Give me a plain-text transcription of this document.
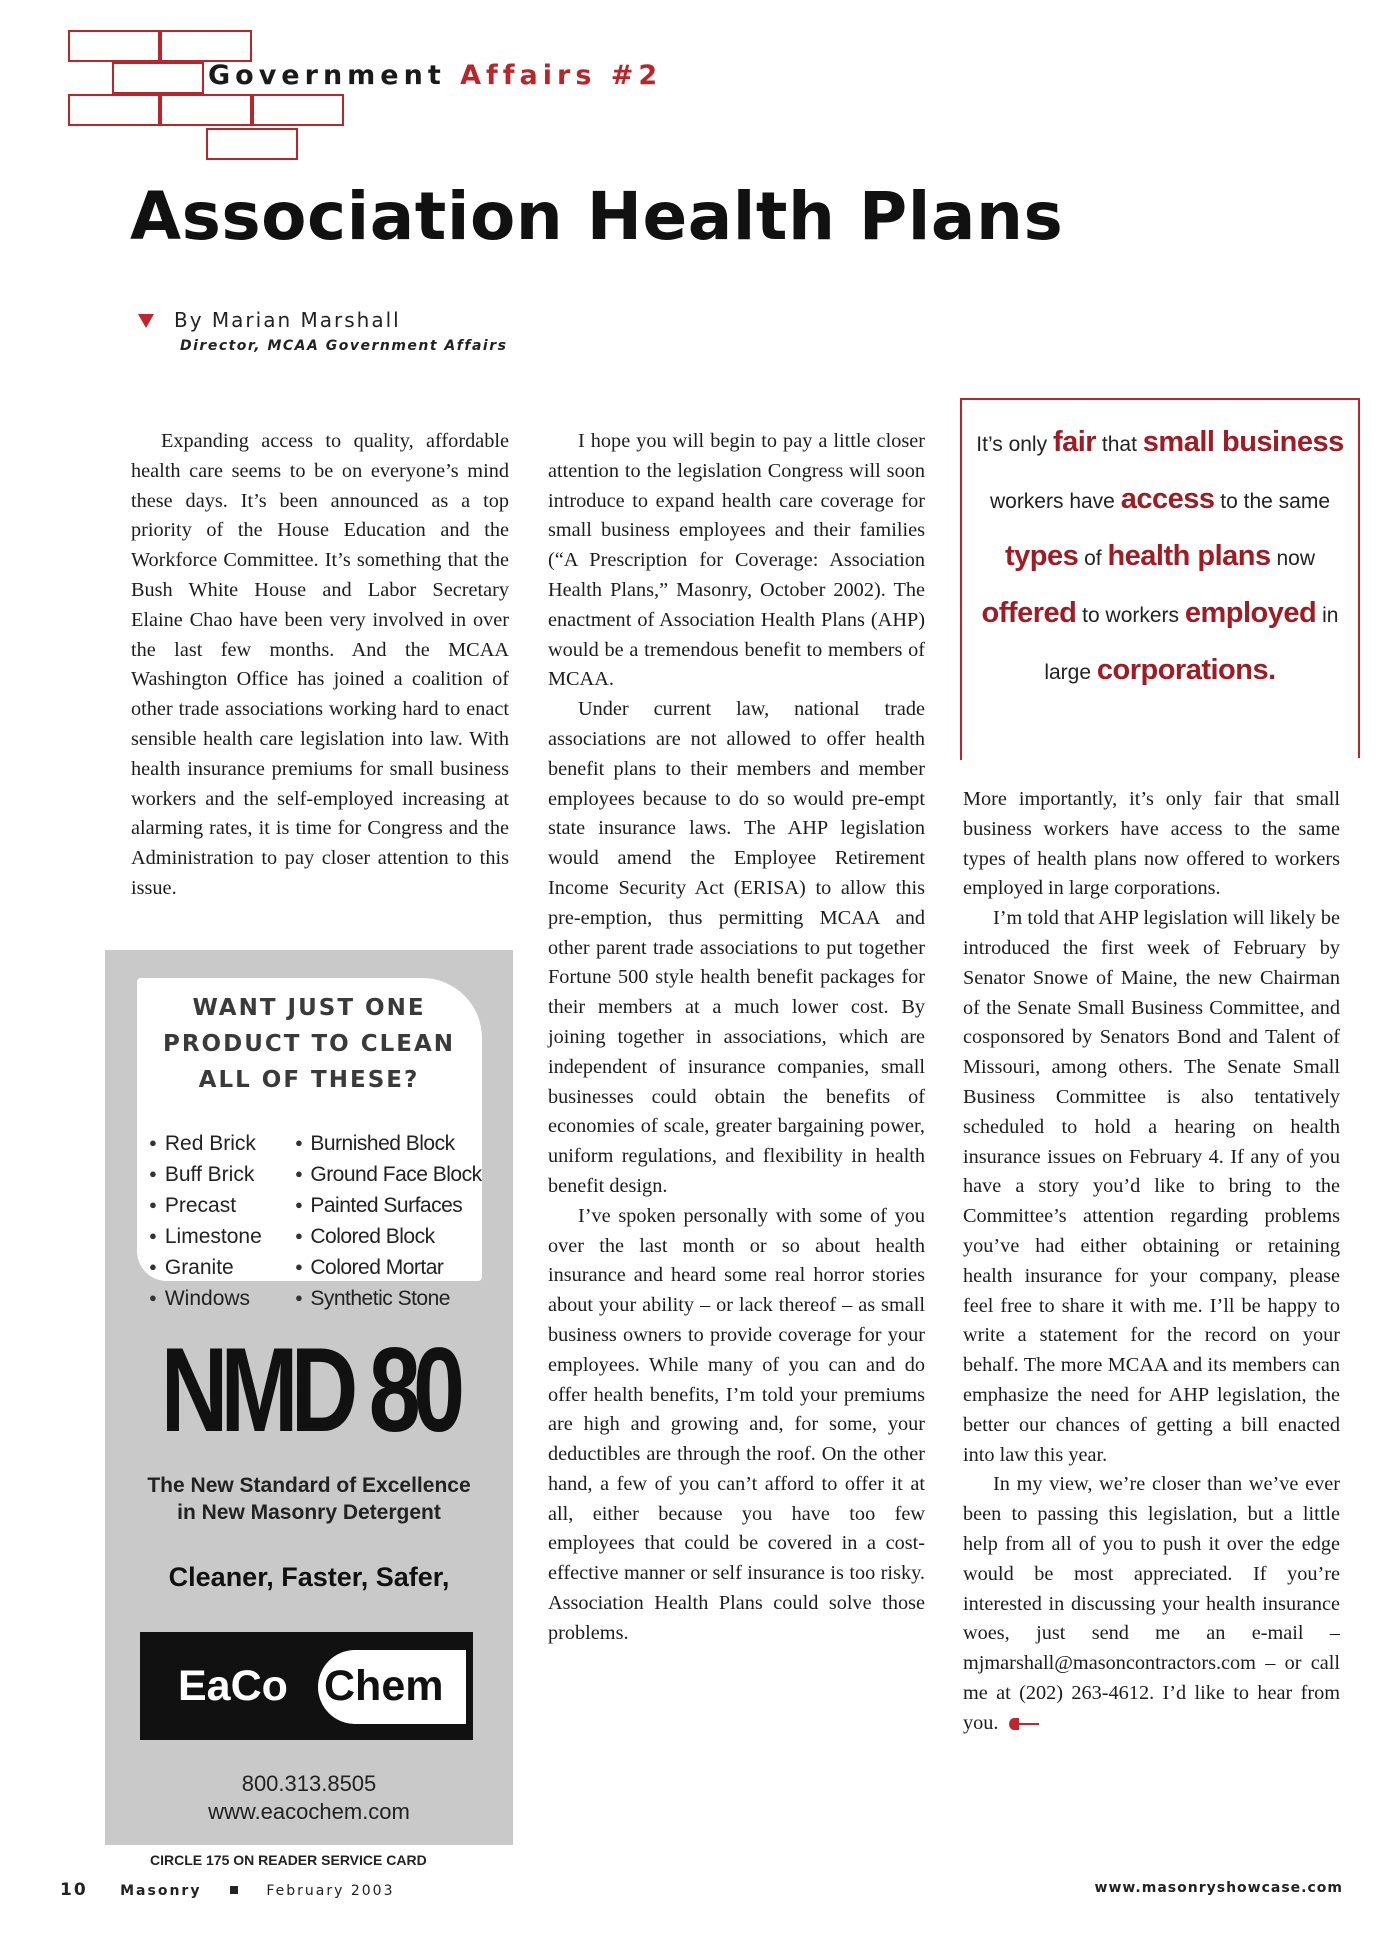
Government Affairs #2
Association Health Plans
By Marian Marshall
Director, MCAA Government Affairs

Expanding access to quality, affordable health care seems to be on everyone’s mind these days. It’s been announced as a top priority of the House Education and the Workforce Committee. It’s something that the Bush White House and Labor Secretary Elaine Chao have been very involved in over the last few months. And the MCAA Washington Office has joined a coalition of other trade associations working hard to enact sensible health care legislation into law. With health insurance premiums for small business workers and the self-employed increasing at alarming rates, it is time for Congress and the Administration to pay closer attention to this issue.

I hope you will begin to pay a little closer attention to the legislation Congress will soon introduce to expand health care coverage for small business employees and their families (“A Prescription for Coverage: Association Health Plans,” Masonry, October 2002). The enactment of Association Health Plans (AHP) would be a tremendous benefit to members of MCAA.

Under current law, national trade associations are not allowed to offer health benefit plans to their members and member employees because to do so would pre-empt state insurance laws. The AHP legislation would amend the Employee Retirement Income Security Act (ERISA) to allow this pre-emption, thus permitting MCAA and other parent trade associations to put together Fortune 500 style health benefit packages for their members at a much lower cost. By joining together in associations, which are independent of insurance companies, small businesses could obtain the benefits of economies of scale, greater bargaining power, uniform regulations, and flexibility in health benefit design.

I’ve spoken personally with some of you over the last month or so about health insurance and heard some real horror stories about your ability – or lack thereof – as small business owners to provide coverage for your employees. While many of you can and do offer health benefits, I’m told your premiums are high and growing and, for some, your deductibles are through the roof. On the other hand, a few of you can’t afford to offer it at all, either because you have too few employees that could be covered in a cost-effective manner or self insurance is too risky. Association Health Plans could solve those problems.

It’s only fair that small business workers have access to the same types of health plans now offered to workers employed in large corporations.

More importantly, it’s only fair that small business workers have access to the same types of health plans now offered to workers employed in large corporations.

I’m told that AHP legislation will likely be introduced the first week of February by Senator Snowe of Maine, the new Chairman of the Senate Small Business Committee, and cosponsored by Senators Bond and Talent of Missouri, among others. The Senate Small Business Committee is also tentatively scheduled to hold a hearing on health insurance issues on February 4. If any of you have a story you’d like to bring to the Committee’s attention regarding problems you’ve had either obtaining or retaining health insurance for your company, please feel free to share it with me. I’ll be happy to write a statement for the record on your behalf. The more MCAA and its members can emphasize the need for AHP legislation, the better our chances of getting a bill enacted into law this year.

In my view, we’re closer than we’ve ever been to passing this legislation, but a little help from all of you to push it over the edge would be most appreciated. If you’re interested in discussing your health insurance woes, just send me an e-mail – mjmarshall@masoncontractors.com – or call me at (202) 263-4612. I’d like to hear from you.

WANT JUST ONE
PRODUCT TO CLEAN
ALL OF THESE?
● Red Brick
● Buff Brick
● Precast
● Limestone
● Granite
● Windows
● Burnished Block
● Ground Face Block
● Painted Surfaces
● Colored Block
● Colored Mortar
● Synthetic Stone
NMD 80
The New Standard of Excellence
in New Masonry Detergent
Cleaner, Faster, Safer,
EaCo Chem
800.313.8505
www.eacochem.com
CIRCLE 175 ON READER SERVICE CARD
10 Masonry	February 2003	www.masonryshowcase.com
